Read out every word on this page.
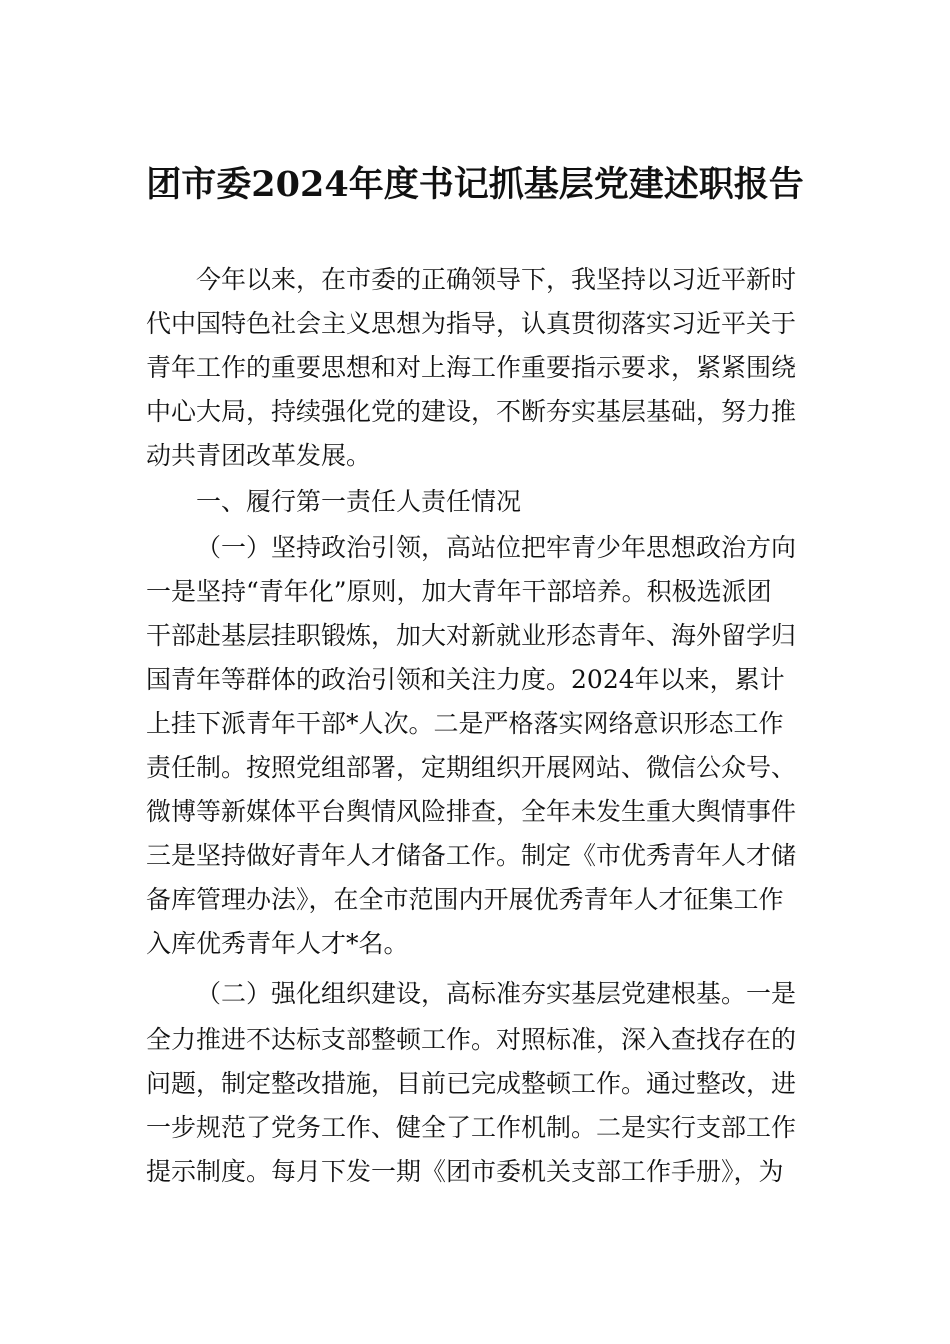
团市委2024年度书记抓基层党建述职报告
今年以来，在市委的正确领导下，我坚持以习近平新时
代中国特色社会主义思想为指导，认真贯彻落实习近平关于
青年工作的重要思想和对上海工作重要指示要求，紧紧围绕
中心大局，持续强化党的建设，不断夯实基层基础，努力推
动共青团改革发展。
一、履行第一责任人责任情况
（一）坚持政治引领，高站位把牢青少年思想政治方向
一是坚持“青年化”原则，加大青年干部培养。积极选派团
干部赴基层挂职锻炼，加大对新就业形态青年、海外留学归
国青年等群体的政治引领和关注力度。2024年以来，累计
上挂下派青年干部*人次。二是严格落实网络意识形态工作
责任制。按照党组部署，定期组织开展网站、微信公众号、
微博等新媒体平台舆情风险排查，全年未发生重大舆情事件
三是坚持做好青年人才储备工作。制定《市优秀青年人才储
备库管理办法》，在全市范围内开展优秀青年人才征集工作
入库优秀青年人才*名。
（二）强化组织建设，高标准夯实基层党建根基。一是
全力推进不达标支部整顿工作。对照标准，深入查找存在的
问题，制定整改措施，目前已完成整顿工作。通过整改，进
一步规范了党务工作、健全了工作机制。二是实行支部工作
提示制度。每月下发一期《团市委机关支部工作手册》，为
